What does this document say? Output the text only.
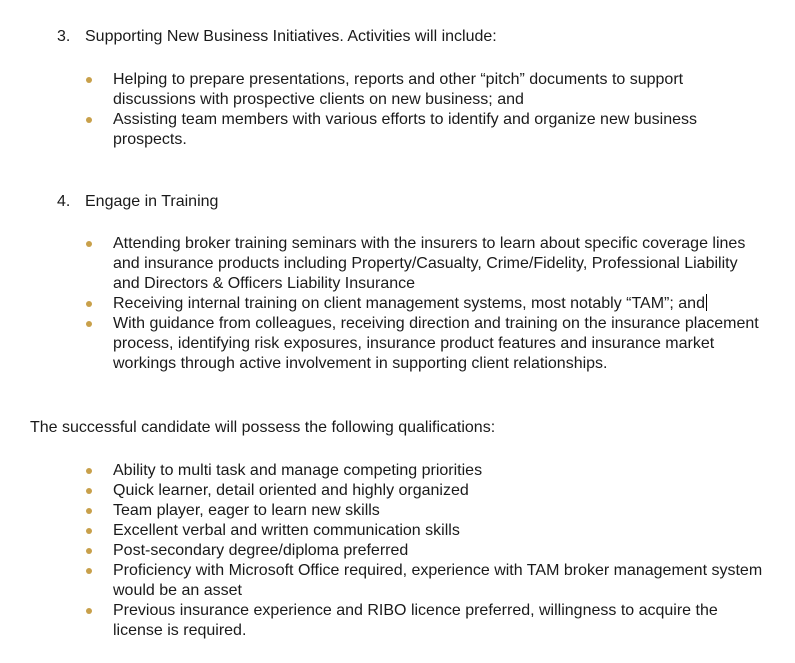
3. Supporting New Business Initiatives. Activities will include:
Helping to prepare presentations, reports and other “pitch” documents to support discussions with prospective clients on new business; and
Assisting team members with various efforts to identify and organize new business prospects.
4. Engage in Training
Attending broker training seminars with the insurers to learn about specific coverage lines and insurance products including Property/Casualty, Crime/Fidelity, Professional Liability and Directors & Officers Liability Insurance
Receiving internal training on client management systems, most notably “TAM”; and
With guidance from colleagues, receiving direction and training on the insurance placement process, identifying risk exposures, insurance product features and insurance market workings through active involvement in supporting client relationships.
The successful candidate will possess the following qualifications:
Ability to multi task and manage competing priorities
Quick learner, detail oriented and highly organized
Team player, eager to learn new skills
Excellent verbal and written communication skills
Post-secondary degree/diploma preferred
Proficiency with Microsoft Office required, experience with TAM broker management system would be an asset
Previous insurance experience and RIBO licence preferred, willingness to acquire the license is required.
